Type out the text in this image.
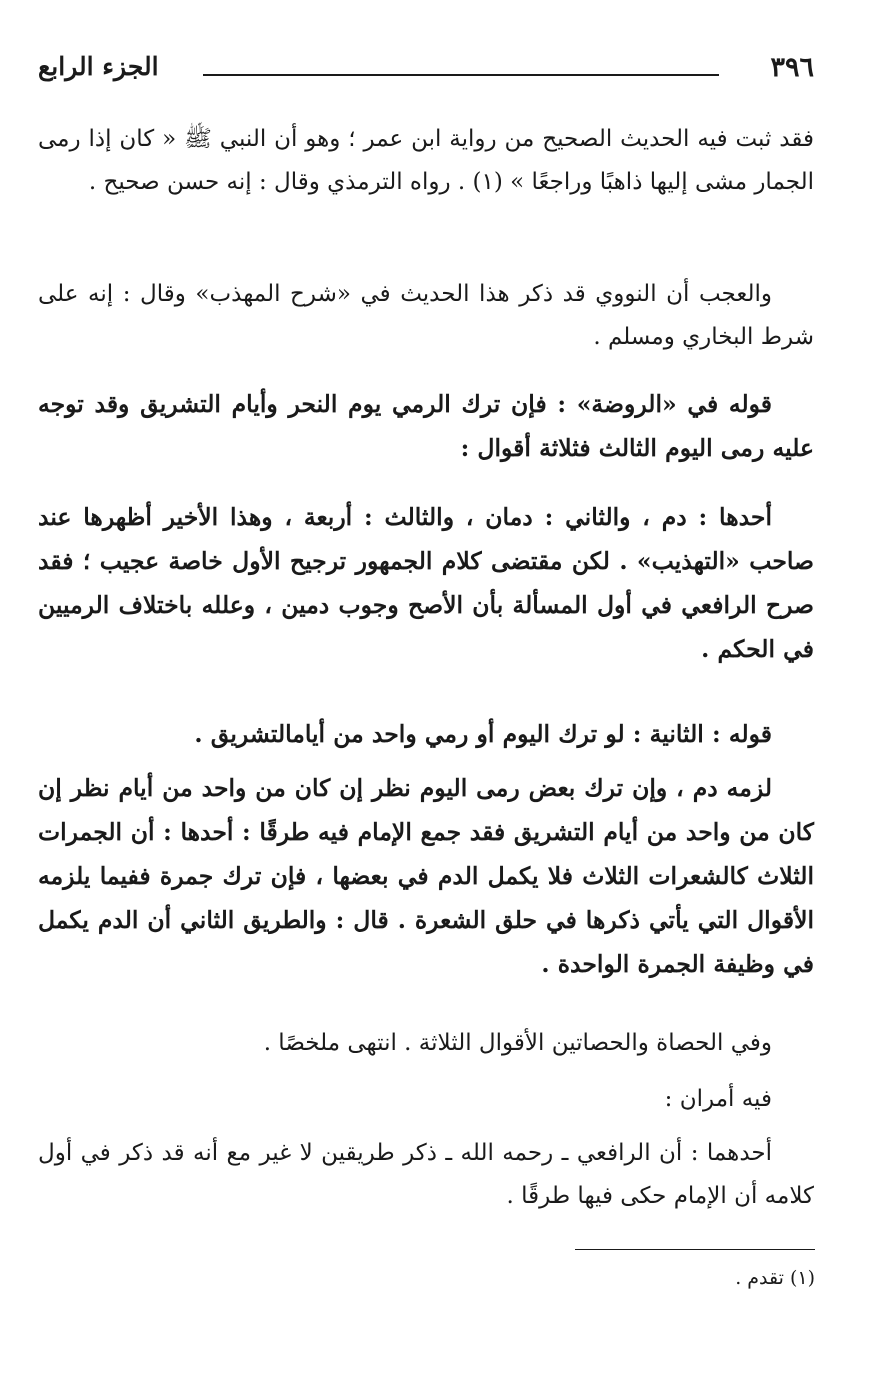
الجزء الرابع	٣٩٦

فقد ثبت فيه الحديث الصحيح من رواية ابن عمر ؛ وهو أن النبي ﷺ « كان إذا رمى الجمار مشى إليها ذاهبًا وراجعًا » (١) . رواه الترمذي وقال : إنه حسن صحيح .

والعجب أن النووي قد ذكر هذا الحديث في «شرح المهذب» وقال : إنه على شرط البخاري ومسلم .

قوله في «الروضة» : فإن ترك الرمي يوم النحر وأيام التشريق وقد توجه عليه رمى اليوم الثالث فثلاثة أقوال :

أحدها : دم ، والثاني : دمان ، والثالث : أربعة ، وهذا الأخير أظهرها عند صاحب «التهذيب» . لكن مقتضى كلام الجمهور ترجيح الأول خاصة عجيب ؛ فقد صرح الرافعي في أول المسألة بأن الأصح وجوب دمين ، وعلله باختلاف الرميين في الحكم .

قوله : الثانية : لو ترك اليوم أو رمي واحد من أيامالتشريق .

لزمه دم ، وإن ترك بعض رمى اليوم نظر إن كان من واحد من أيام نظر إن كان من واحد من أيام التشريق فقد جمع الإمام فيه طرقًا : أحدها : أن الجمرات الثلاث كالشعرات الثلاث فلا يكمل الدم في بعضها ، فإن ترك جمرة ففيما يلزمه الأقوال التي يأتي ذكرها في حلق الشعرة . قال : والطريق الثاني أن الدم يكمل في وظيفة الجمرة الواحدة .

وفي الحصاة والحصاتين الأقوال الثلاثة . انتهى ملخصًا .

فيه أمران :

أحدهما : أن الرافعي ـ رحمه الله ـ ذكر طريقين لا غير مع أنه قد ذكر في أول كلامه أن الإمام حكى فيها طرقًا .

(١) تقدم .
